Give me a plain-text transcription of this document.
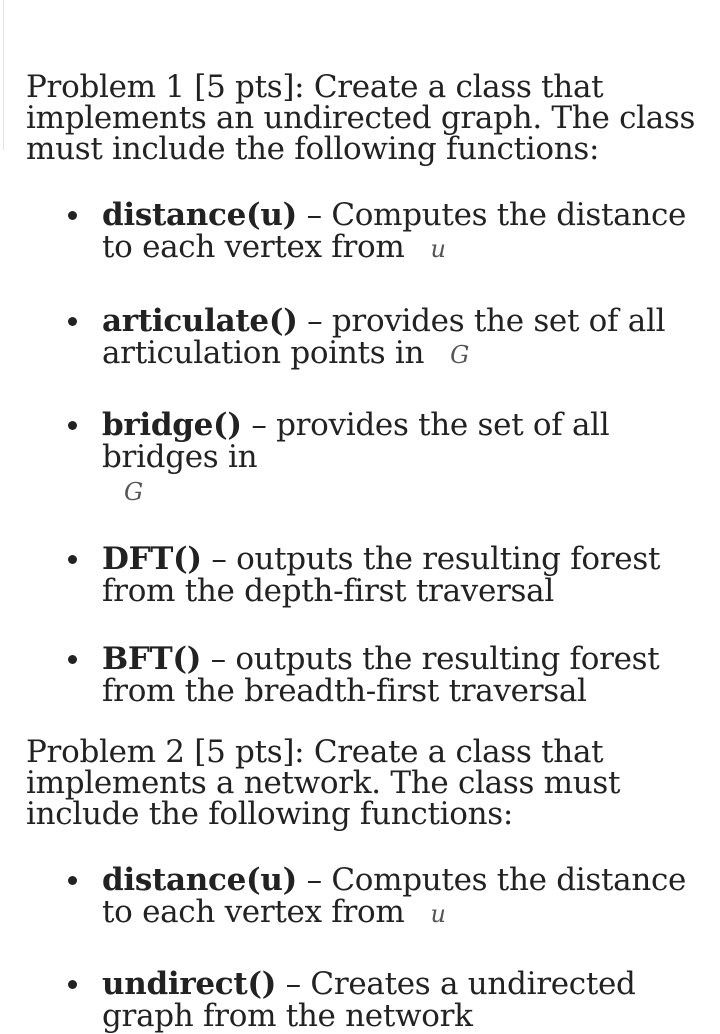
Problem 1 [5 pts]: Create a class that implements an undirected graph. The class must include the following functions:

distance(u) – Computes the distance to each vertex from u
articulate() – provides the set of all articulation points in G
bridge() – provides the set of all bridges in
G
DFT() – outputs the resulting forest from the depth-first traversal
BFT() – outputs the resulting forest from the breadth-first traversal

Problem 2 [5 pts]: Create a class that implements a network. The class must include the following functions:

distance(u) – Computes the distance to each vertex from u
undirect() – Creates a undirected graph from the network
